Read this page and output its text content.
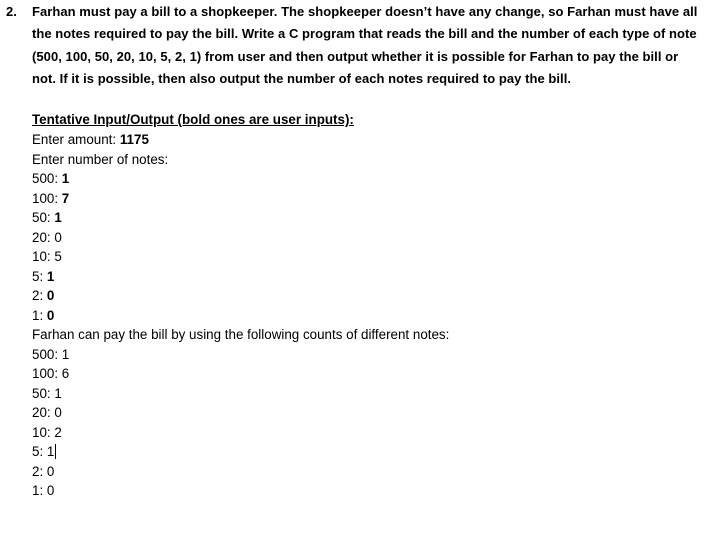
2. Farhan must pay a bill to a shopkeeper. The shopkeeper doesn’t have any change, so Farhan must have all the notes required to pay the bill. Write a C program that reads the bill and the number of each type of note (500, 100, 50, 20, 10, 5, 2, 1) from user and then output whether it is possible for Farhan to pay the bill or not. If it is possible, then also output the number of each notes required to pay the bill.
Tentative Input/Output (bold ones are user inputs):
Enter amount: 1175
Enter number of notes:
500: 1
100: 7
50: 1
20: 0
10: 5
5: 1
2: 0
1: 0
Farhan can pay the bill by using the following counts of different notes:
500: 1
100: 6
50: 1
20: 0
10: 2
5: 1
2: 0
1: 0
